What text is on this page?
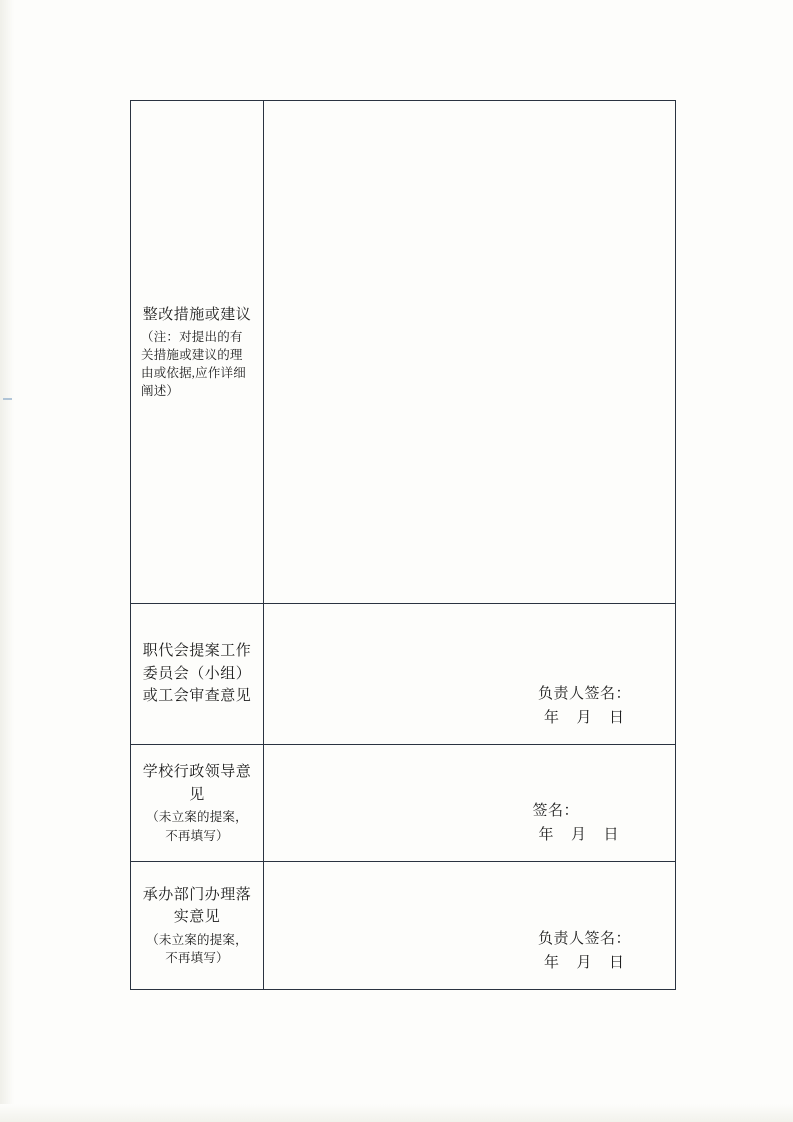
整改措施或建议
（注：对提出的有关措施或建议的理由或依据,应作详细阐述）	

职代会提案工作委员会（小组）或工会审查意见	负责人签名：
年    月    日

学校行政领导意见
（未立案的提案，不再填写）

签名：
年    月    日

承办部门办理落实意见
（未立案的提案，不再填写）

负责人签名：
年    月    日
